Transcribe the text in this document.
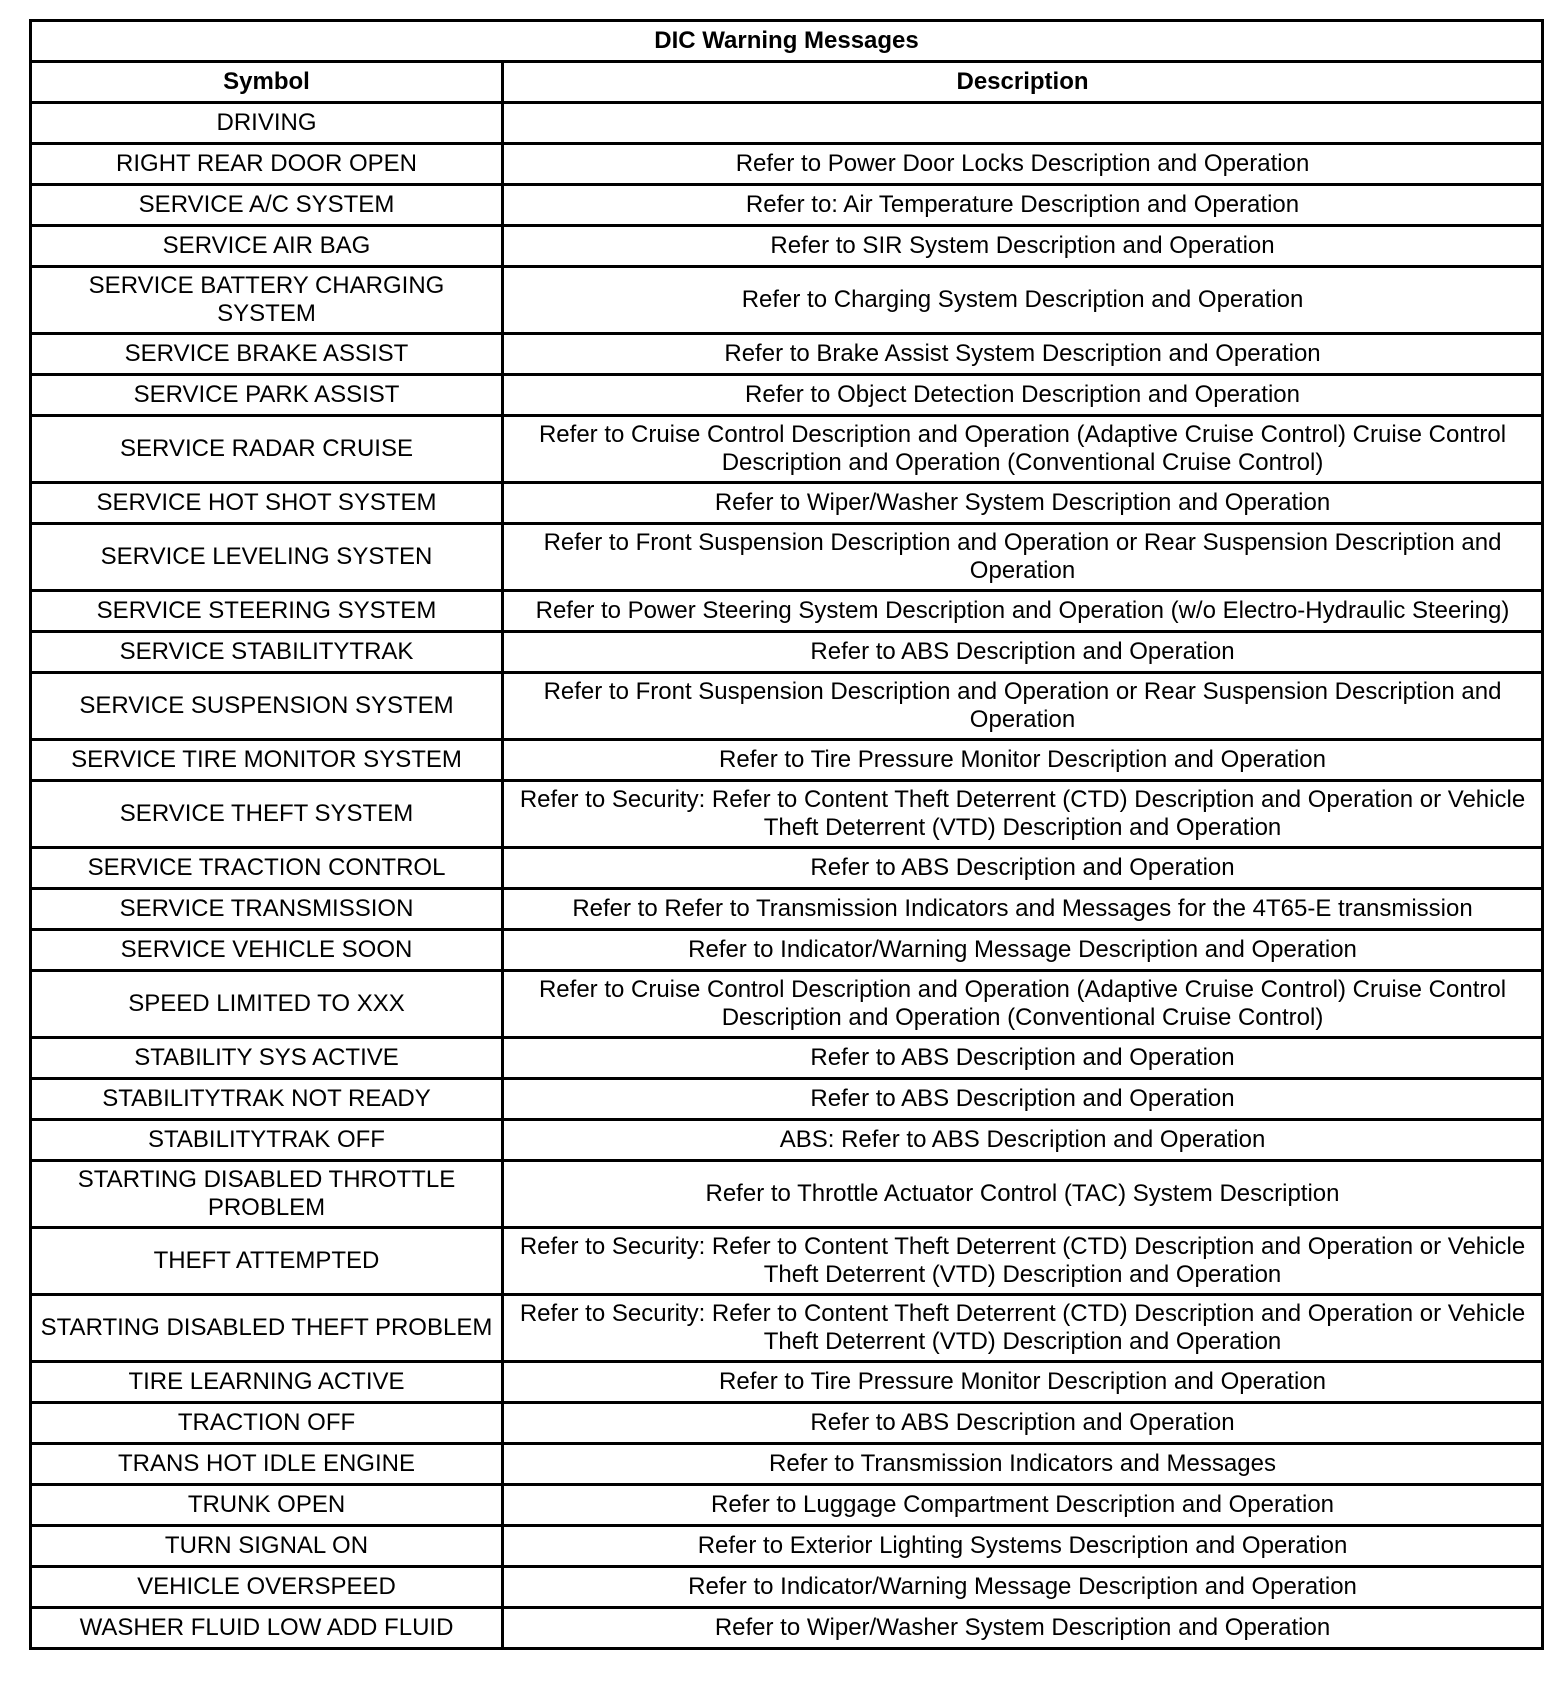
DIC Warning Messages	
Symbol	Description
DRIVING	
RIGHT REAR DOOR OPEN	Refer to Power Door Locks Description and Operation
SERVICE A/C SYSTEM	Refer to: Air Temperature Description and Operation
SERVICE AIR BAG	Refer to SIR System Description and Operation
SERVICE BATTERY CHARGING SYSTEM	Refer to Charging System Description and Operation
SERVICE BRAKE ASSIST	Refer to Brake Assist System Description and Operation
SERVICE PARK ASSIST	Refer to Object Detection Description and Operation
SERVICE RADAR CRUISE	Refer to Cruise Control Description and Operation (Adaptive Cruise Control) Cruise Control Description and Operation (Conventional Cruise Control)
SERVICE HOT SHOT SYSTEM	Refer to Wiper/Washer System Description and Operation
SERVICE LEVELING SYSTEN	Refer to Front Suspension Description and Operation or Rear Suspension Description and Operation
SERVICE STEERING SYSTEM	Refer to Power Steering System Description and Operation (w/o Electro-Hydraulic Steering)
SERVICE STABILITYTRAK	Refer to ABS Description and Operation
SERVICE SUSPENSION SYSTEM	Refer to Front Suspension Description and Operation or Rear Suspension Description and Operation
SERVICE TIRE MONITOR SYSTEM	Refer to Tire Pressure Monitor Description and Operation
SERVICE THEFT SYSTEM	Refer to Security: Refer to Content Theft Deterrent (CTD) Description and Operation or Vehicle Theft Deterrent (VTD) Description and Operation
SERVICE TRACTION CONTROL	Refer to ABS Description and Operation
SERVICE TRANSMISSION	Refer to Refer to Transmission Indicators and Messages for the 4T65-E transmission
SERVICE VEHICLE SOON	Refer to Indicator/Warning Message Description and Operation
SPEED LIMITED TO XXX	Refer to Cruise Control Description and Operation (Adaptive Cruise Control) Cruise Control Description and Operation (Conventional Cruise Control)
STABILITY SYS ACTIVE	Refer to ABS Description and Operation
STABILITYTRAK NOT READY	Refer to ABS Description and Operation
STABILITYTRAK OFF	ABS: Refer to ABS Description and Operation
STARTING DISABLED THROTTLE PROBLEM	Refer to Throttle Actuator Control (TAC) System Description
THEFT ATTEMPTED	Refer to Security: Refer to Content Theft Deterrent (CTD) Description and Operation or Vehicle Theft Deterrent (VTD) Description and Operation
STARTING DISABLED THEFT PROBLEM	Refer to Security: Refer to Content Theft Deterrent (CTD) Description and Operation or Vehicle Theft Deterrent (VTD) Description and Operation
TIRE LEARNING ACTIVE	Refer to Tire Pressure Monitor Description and Operation
TRACTION OFF	Refer to ABS Description and Operation
TRANS HOT IDLE ENGINE	Refer to Transmission Indicators and Messages
TRUNK OPEN	Refer to Luggage Compartment Description and Operation
TURN SIGNAL ON	Refer to Exterior Lighting Systems Description and Operation
VEHICLE OVERSPEED	Refer to Indicator/Warning Message Description and Operation
WASHER FLUID LOW ADD FLUID	Refer to Wiper/Washer System Description and Operation
